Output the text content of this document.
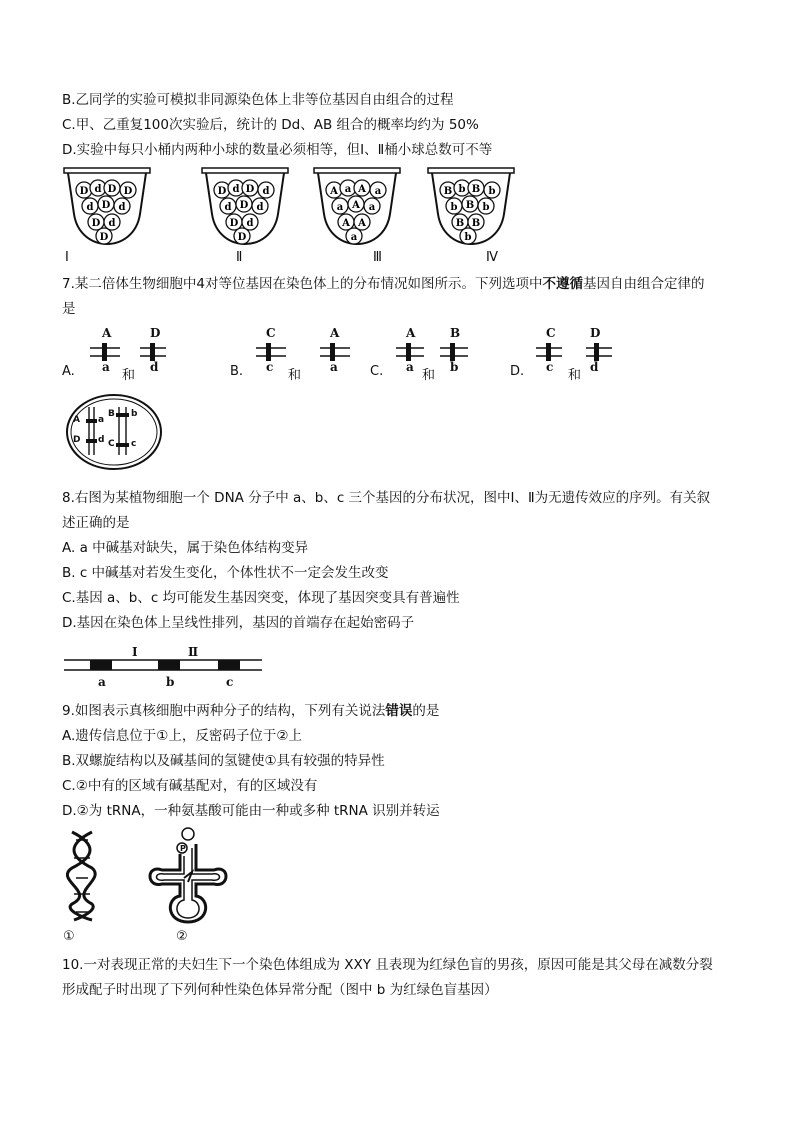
B.乙同学的实验可模拟非同源染色体上非等位基因自由组合的过程
C.甲、乙重复100次实验后，统计的 Dd、AB 组合的概率均约为 50%
D.实验中每只小桶内两种小球的数量必须相等，但Ⅰ、Ⅱ桶小球总数可不等
D d D D
d D d
D d
D
D d D d
d D d
D d
D
A a A a
a A a
A A
a
B b B b
b B b
B B
b
Ⅰ	Ⅱ	Ⅲ	Ⅳ
7.某二倍体生物细胞中4对等位基因在染色体上的分布情况如图所示。下列选项中不遵循基因自由组合定律的
是
A.
A
a
和
D
d	B.
C
c
和
A
a C.
A
a
和
B
b	D.
C
c
和
D
d
A a
D d
B b
C c
8.右图为某植物细胞一个 DNA 分子中 a、b、c 三个基因的分布状况，图中Ⅰ、Ⅱ为无遗传效应的序列。有关叙
述正确的是
A. a 中碱基对缺失，属于染色体结构变异
B. c 中碱基对若发生变化，个体性状不一定会发生改变
C.基因 a、b、c 均可能发生基因突变，体现了基因突变具有普遍性
D.基因在染色体上呈线性排列，基因的首端存在起始密码子
Ⅰ	Ⅱ
a	b	c
9.如图表示真核细胞中两种分子的结构，下列有关说法错误的是
A.遗传信息位于①上，反密码子位于②上
B.双螺旋结构以及碱基间的氢键使①具有较强的特异性
C.②中有的区域有碱基配对，有的区域没有
D.②为 tRNA，一种氨基酸可能由一种或多种 tRNA 识别并转运
P
①	②
10.一对表现正常的夫妇生下一个染色体组成为 XXY 且表现为红绿色盲的男孩，原因可能是其父母在减数分裂
形成配子时出现了下列何种性染色体异常分配（图中 b 为红绿色盲基因）
